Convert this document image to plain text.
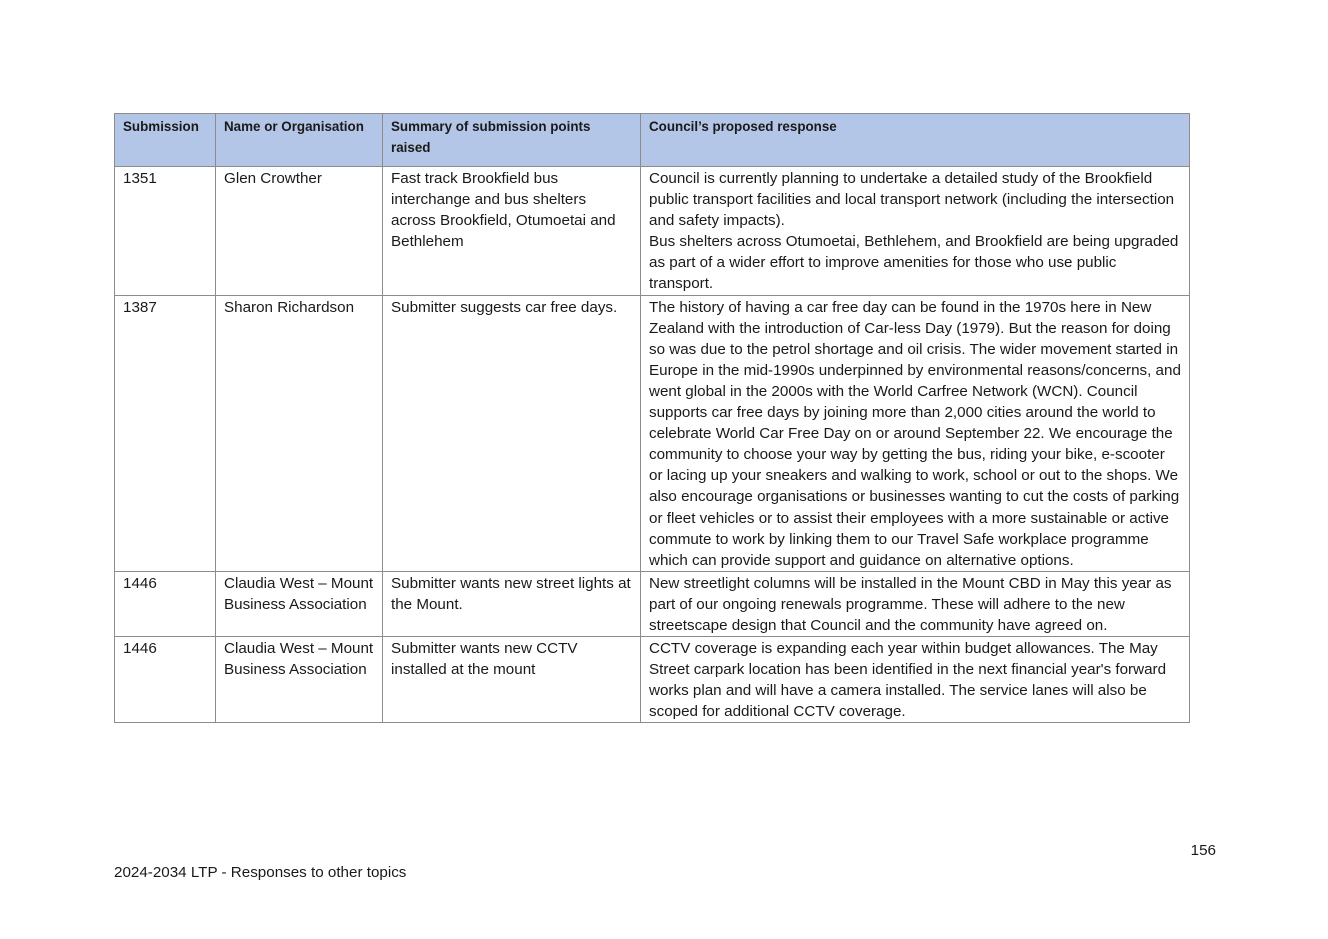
Submission	Name or Organisation	Summary of submission points raised	Council’s proposed response
1351	Glen Crowther	Fast track Brookfield bus interchange and bus shelters across Brookfield, Otumoetai and Bethlehem	Council is currently planning to undertake a detailed study of the Brookfield public transport facilities and local transport network (including the intersection and safety impacts).
Bus shelters across Otumoetai, Bethlehem, and Brookfield are being upgraded as part of a wider effort to improve amenities for those who use public transport.

1387	Sharon Richardson	Submitter suggests car free days.	The history of having a car free day can be found in the 1970s here in New Zealand with the introduction of Car-less Day (1979). But the reason for doing so was due to the petrol shortage and oil crisis. The wider movement started in Europe in the mid-1990s underpinned by environmental reasons/concerns, and went global in the 2000s with the World Carfree Network (WCN). Council supports car free days by joining more than 2,000 cities around the world to celebrate World Car Free Day on or around September 22. We encourage the community to choose your way by getting the bus, riding your bike, e-scooter or lacing up your sneakers and walking to work, school or out to the shops. We also encourage organisations or businesses wanting to cut the costs of parking or fleet vehicles or to assist their employees with a more sustainable or active commute to work by linking them to our Travel Safe workplace programme which can provide support and guidance on alternative options.
1446	Claudia West – Mount Business Association	Submitter wants new street lights at the Mount.	New streetlight columns will be installed in the Mount CBD in May this year as part of our ongoing renewals programme. These will adhere to the new streetscape design that Council and the community have agreed on.
1446	Claudia West – Mount Business Association	Submitter wants new CCTV installed at the mount	CCTV coverage is expanding each year within budget allowances. The May Street carpark location has been identified in the next financial year's forward works plan and will have a camera installed. The service lanes will also be scoped for additional CCTV coverage.
156
2024-2034 LTP - Responses to other topics
